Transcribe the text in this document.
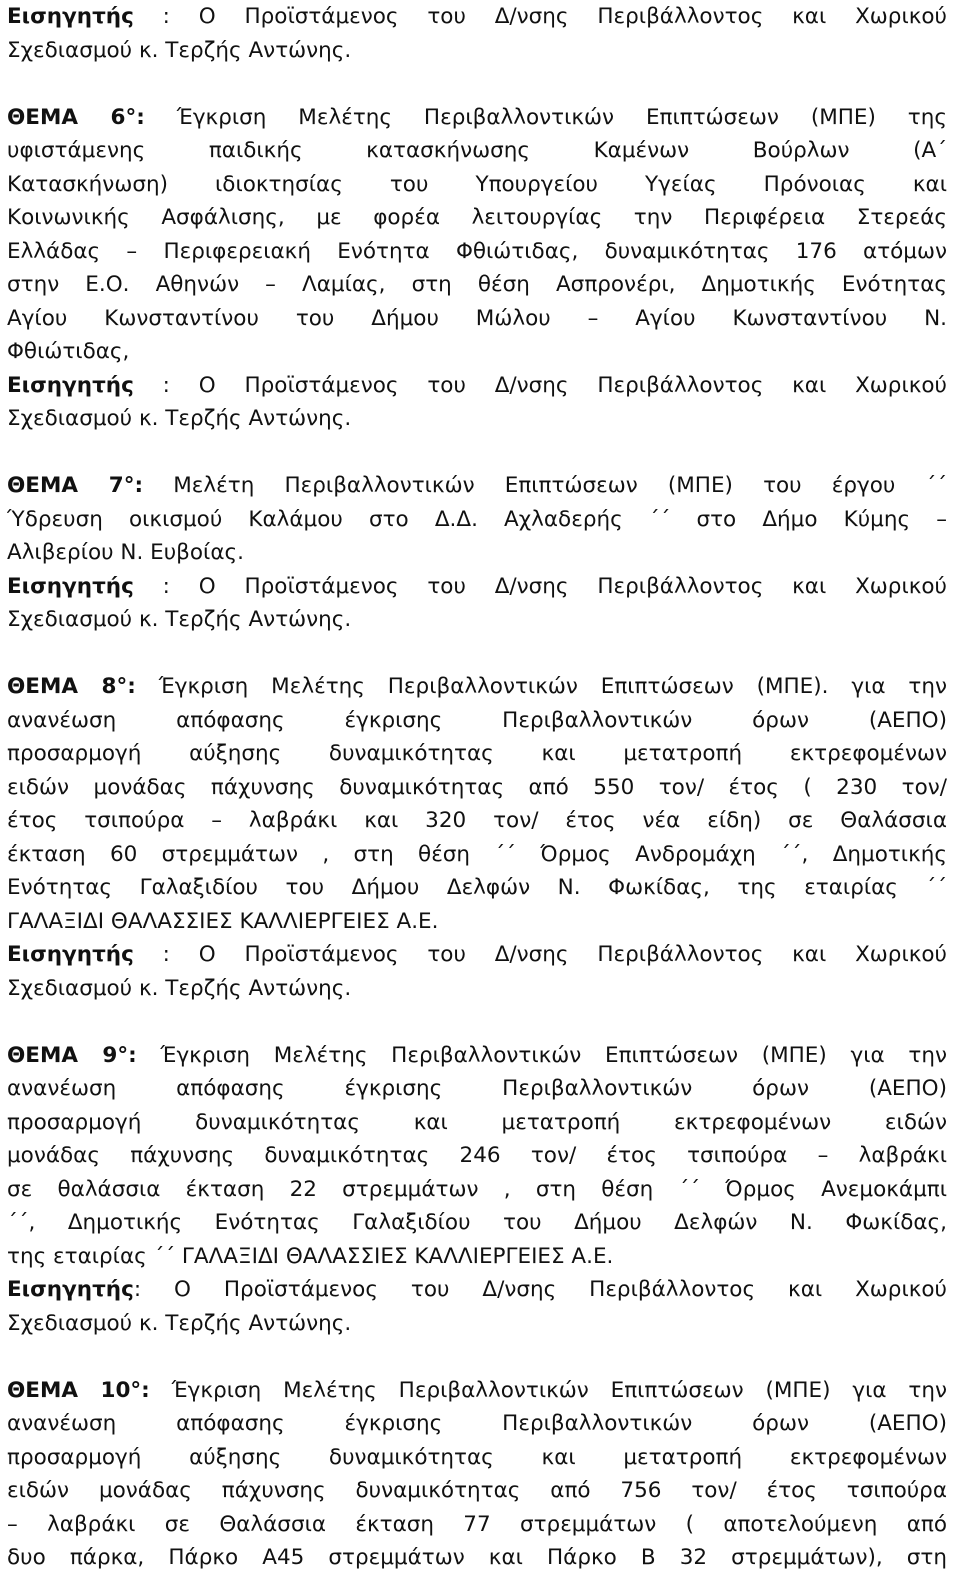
Εισηγητής : Ο Προϊστάμενος του Δ/νσης Περιβάλλοντος και Χωρικού
Σχεδιασμού κ. Τερζής Αντώνης.
ΘΕΜΑ 6°: Έγκριση Μελέτης Περιβαλλοντικών Επιπτώσεων (ΜΠΕ) της
υφιστάμενης παιδικής κατασκήνωσης Καμένων Βούρλων (Α΄
Κατασκήνωση) ιδιοκτησίας του Υπουργείου Υγείας Πρόνοιας και
Κοινωνικής Ασφάλισης, με φορέα λειτουργίας την Περιφέρεια Στερεάς
Ελλάδας – Περιφερειακή Ενότητα Φθιώτιδας, δυναμικότητας 176 ατόμων
στην Ε.Ο. Αθηνών – Λαμίας, στη θέση Ασπρονέρι, Δημοτικής Ενότητας
Αγίου Κωνσταντίνου του Δήμου Μώλου – Αγίου Κωνσταντίνου Ν.
Φθιώτιδας,
Εισηγητής : Ο Προϊστάμενος του Δ/νσης Περιβάλλοντος και Χωρικού
Σχεδιασμού κ. Τερζής Αντώνης.
ΘΕΜΑ 7°: Μελέτη Περιβαλλοντικών Επιπτώσεων (ΜΠΕ) του έργου ΄΄
Ύδρευση οικισμού Καλάμου στο Δ.Δ. Αχλαδερής ΄΄ στο Δήμο Κύμης –
Αλιβερίου Ν. Ευβοίας.
Εισηγητής : Ο Προϊστάμενος του Δ/νσης Περιβάλλοντος και Χωρικού
Σχεδιασμού κ. Τερζής Αντώνης.
ΘΕΜΑ 8°: Έγκριση Μελέτης Περιβαλλοντικών Επιπτώσεων (ΜΠΕ). για την
ανανέωση απόφασης έγκρισης Περιβαλλοντικών όρων (ΑΕΠΟ)
προσαρμογή αύξησης δυναμικότητας και μετατροπή εκτρεφομένων
ειδών μονάδας πάχυνσης δυναμικότητας από 550 τον/ έτος ( 230 τον/
έτος τσιπούρα – λαβράκι και 320 τον/ έτος νέα είδη) σε Θαλάσσια
έκταση 60 στρεμμάτων , στη θέση ΄΄ Όρμος Ανδρομάχη ΄΄, Δημοτικής
Ενότητας Γαλαξιδίου του Δήμου Δελφών Ν. Φωκίδας, της εταιρίας ΄΄
ΓΑΛΑΞΙΔΙ ΘΑΛΑΣΣΙΕΣ ΚΑΛΛΙΕΡΓΕΙΕΣ Α.Ε.
Εισηγητής : Ο Προϊστάμενος του Δ/νσης Περιβάλλοντος και Χωρικού
Σχεδιασμού κ. Τερζής Αντώνης.
ΘΕΜΑ 9°: Έγκριση Μελέτης Περιβαλλοντικών Επιπτώσεων (ΜΠΕ) για την
ανανέωση απόφασης έγκρισης Περιβαλλοντικών όρων (ΑΕΠΟ)
προσαρμογή δυναμικότητας και μετατροπή εκτρεφομένων ειδών
μονάδας πάχυνσης δυναμικότητας 246 τον/ έτος τσιπούρα – λαβράκι
σε θαλάσσια έκταση 22 στρεμμάτων , στη θέση ΄΄ Όρμος Ανεμοκάμπι
΄΄, Δημοτικής Ενότητας Γαλαξιδίου του Δήμου Δελφών Ν. Φωκίδας,
της εταιρίας ΄΄ ΓΑΛΑΞΙΔΙ ΘΑΛΑΣΣΙΕΣ ΚΑΛΛΙΕΡΓΕΙΕΣ Α.Ε.
Εισηγητής: Ο Προϊστάμενος του Δ/νσης Περιβάλλοντος και Χωρικού
Σχεδιασμού κ. Τερζής Αντώνης.
ΘΕΜΑ 10°: Έγκριση Μελέτης Περιβαλλοντικών Επιπτώσεων (ΜΠΕ) για την
ανανέωση απόφασης έγκρισης Περιβαλλοντικών όρων (ΑΕΠΟ)
προσαρμογή αύξησης δυναμικότητας και μετατροπή εκτρεφομένων
ειδών μονάδας πάχυνσης δυναμικότητας από 756 τον/ έτος τσιπούρα
– λαβράκι σε Θαλάσσια έκταση 77 στρεμμάτων ( αποτελούμενη από
δυο πάρκα, Πάρκο Α45 στρεμμάτων και Πάρκο Β 32 στρεμμάτων), στη
